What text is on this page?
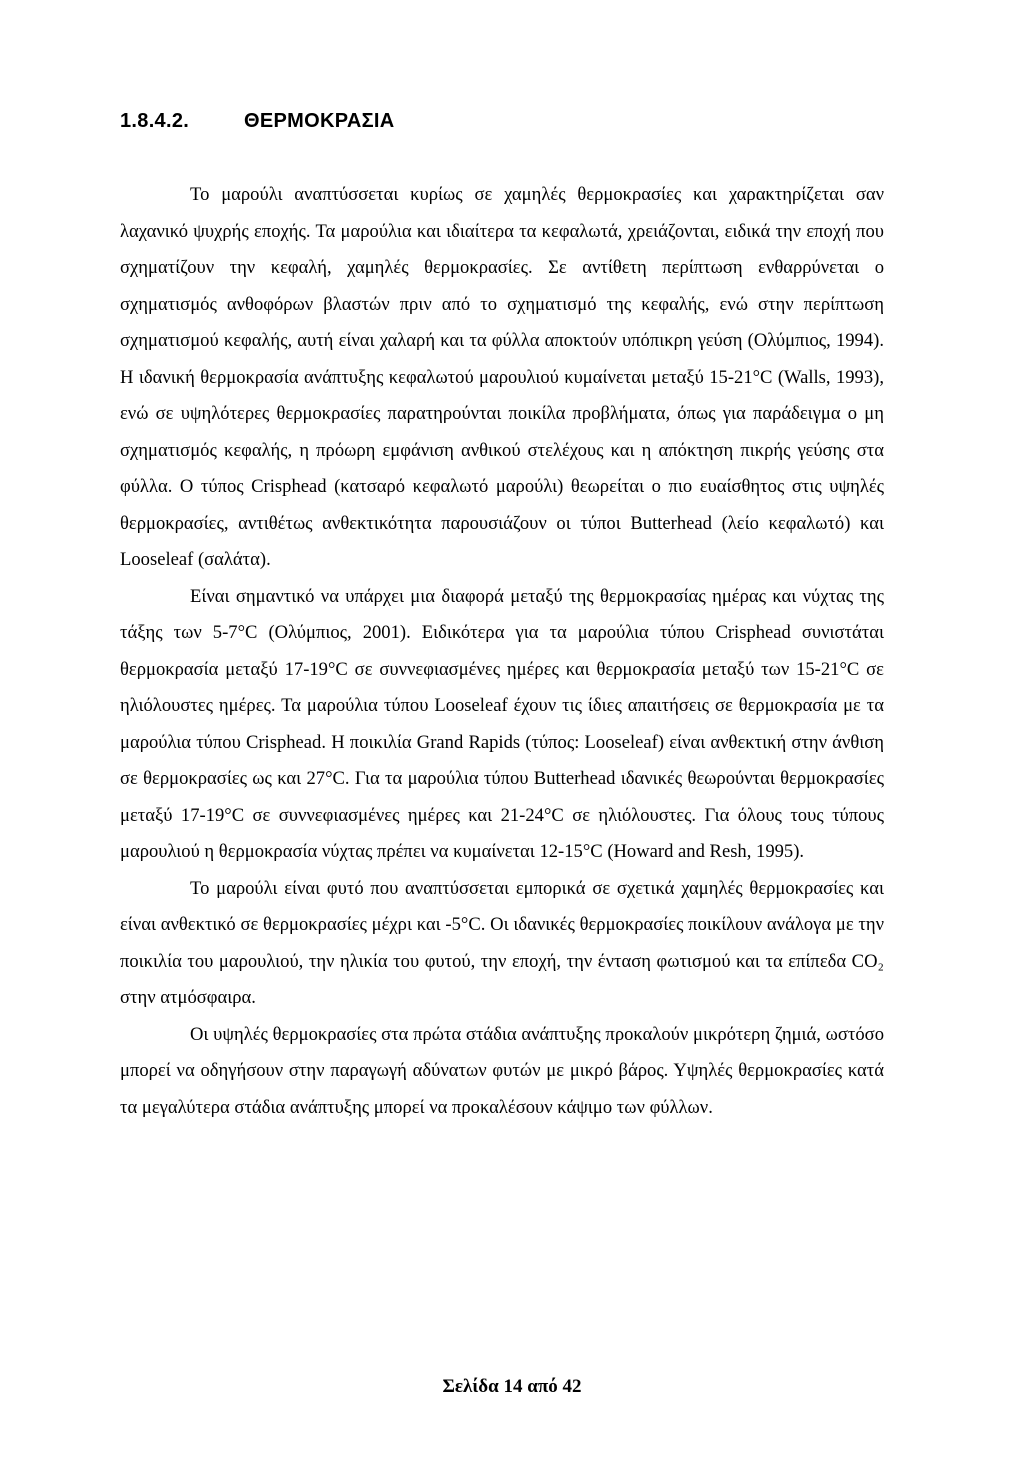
1.8.4.2.	ΘΕΡΜΟΚΡΑΣΙΑ

Το μαρούλι αναπτύσσεται κυρίως σε χαμηλές θερμοκρασίες και χαρακτηρίζεται σαν λαχανικό ψυχρής εποχής. Τα μαρούλια και ιδιαίτερα τα κεφαλωτά, χρειάζονται, ειδικά την εποχή που σχηματίζουν την κεφαλή, χαμηλές θερμοκρασίες. Σε αντίθετη περίπτωση ενθαρρύνεται ο σχηματισμός ανθοφόρων βλαστών πριν από το σχηματισμό της κεφαλής, ενώ στην περίπτωση σχηματισμού κεφαλής, αυτή είναι χαλαρή και τα φύλλα αποκτούν υπόπικρη γεύση (Ολύμπιος, 1994). Η ιδανική θερμοκρασία ανάπτυξης κεφαλωτού μαρουλιού κυμαίνεται μεταξύ 15-21°C (Walls, 1993), ενώ σε υψηλότερες θερμοκρασίες παρατηρούνται ποικίλα προβλήματα, όπως για παράδειγμα ο μη σχηματισμός κεφαλής, η πρόωρη εμφάνιση ανθικού στελέχους και η απόκτηση πικρής γεύσης στα φύλλα. Ο τύπος Crisphead (κατσαρό κεφαλωτό μαρούλι) θεωρείται ο πιο ευαίσθητος στις υψηλές θερμοκρασίες, αντιθέτως ανθεκτικότητα παρουσιάζουν οι τύποι Butterhead (λείο κεφαλωτό) και Looseleaf (σαλάτα).

Είναι σημαντικό να υπάρχει μια διαφορά μεταξύ της θερμοκρασίας ημέρας και νύχτας της τάξης των 5-7°C (Ολύμπιος, 2001). Ειδικότερα για τα μαρούλια τύπου Crisphead συνιστάται θερμοκρασία μεταξύ 17-19°C σε συννεφιασμένες ημέρες και θερμοκρασία μεταξύ των 15-21°C σε ηλιόλουστες ημέρες. Τα μαρούλια τύπου Looseleaf έχουν τις ίδιες απαιτήσεις σε θερμοκρασία με τα μαρούλια τύπου Crisphead. Η ποικιλία Grand Rapids (τύπος: Looseleaf) είναι ανθεκτική στην άνθιση σε θερμοκρασίες ως και 27°C. Για τα μαρούλια τύπου Butterhead ιδανικές θεωρούνται θερμοκρασίες μεταξύ 17-19°C σε συννεφιασμένες ημέρες και 21-24°C σε ηλιόλουστες. Για όλους τους τύπους μαρουλιού η θερμοκρασία νύχτας πρέπει να κυμαίνεται 12-15°C (Howard and Resh, 1995).

Το μαρούλι είναι φυτό που αναπτύσσεται εμπορικά σε σχετικά χαμηλές θερμοκρασίες και είναι ανθεκτικό σε θερμοκρασίες μέχρι και -5°C. Οι ιδανικές θερμοκρασίες ποικίλουν ανάλογα με την ποικιλία του μαρουλιού, την ηλικία του φυτού, την εποχή, την ένταση φωτισμού και τα επίπεδα CO₂ στην ατμόσφαιρα.

Οι υψηλές θερμοκρασίες στα πρώτα στάδια ανάπτυξης προκαλούν μικρότερη ζημιά, ωστόσο μπορεί να οδηγήσουν στην παραγωγή αδύνατων φυτών με μικρό βάρος. Υψηλές θερμοκρασίες κατά τα μεγαλύτερα στάδια ανάπτυξης μπορεί να προκαλέσουν κάψιμο των φύλλων.

Σελίδα 14 από 42
